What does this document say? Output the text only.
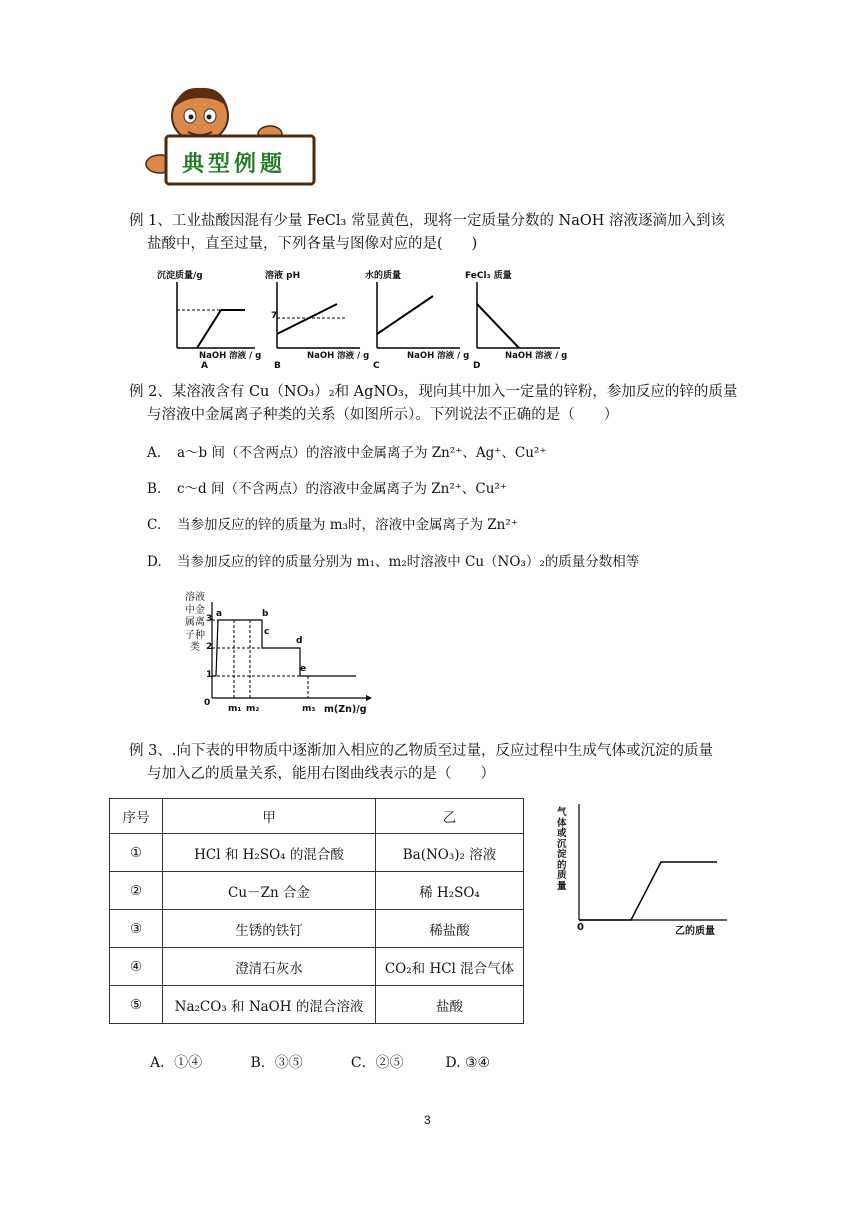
典型例题
例 1、工业盐酸因混有少量 FeCl₃ 常显黄色，现将一定质量分数的 NaOH 溶液逐滴加入到该
盐酸中，直至过量，下列各量与图像对应的是(　　)
沉淀质量/g
NaOH 溶液 / g
A
溶液 pH
7
NaOH 溶液 / g
B
水的质量
NaOH 溶液 / g
C
FeCl₃ 质量
NaOH 溶液 / g
D
例 2、某溶液含有 Cu（NO₃）₂和 AgNO₃，现向其中加入一定量的锌粉，参加反应的锌的质量
与溶液中金属离子种类的关系（如图所示）。下列说法不正确的是（　　）
A. a～b 间（不含两点）的溶液中金属离子为 Zn²⁺、Ag⁺、Cu²⁺
B. c～d 间（不含两点）的溶液中金属离子为 Zn²⁺、Cu²⁺
C. 当参加反应的锌的质量为 m₃时，溶液中金属离子为 Zn²⁺
D. 当参加反应的锌的质量分别为 m₁、m₂时溶液中 Cu（NO₃）₂的质量分数相等
溶液
中金
属离
子种
类
3
2
1
0
a	b
c
d
e
m₁ m₂	m₃ m(Zn)/g
例 3、.向下表的甲物质中逐渐加入相应的乙物质至过量，反应过程中生成气体或沉淀的质量
与加入乙的质量关系，能用右图曲线表示的是（　　）
序号	甲	乙
①	HCl 和 H₂SO₄ 的混合酸	Ba(NO₃)₂ 溶液
②	Cu－Zn 合金	稀 H₂SO₄
③	生锈的铁钉	稀盐酸
④	澄清石灰水	CO₂和 HCl 混合气体
⑤	Na₂CO₃ 和 NaOH 的混合溶液	盐酸
气体或沉淀的质量
0	乙的质量
A．①④	B．③⑤	C．②⑤	D. ③④
3
